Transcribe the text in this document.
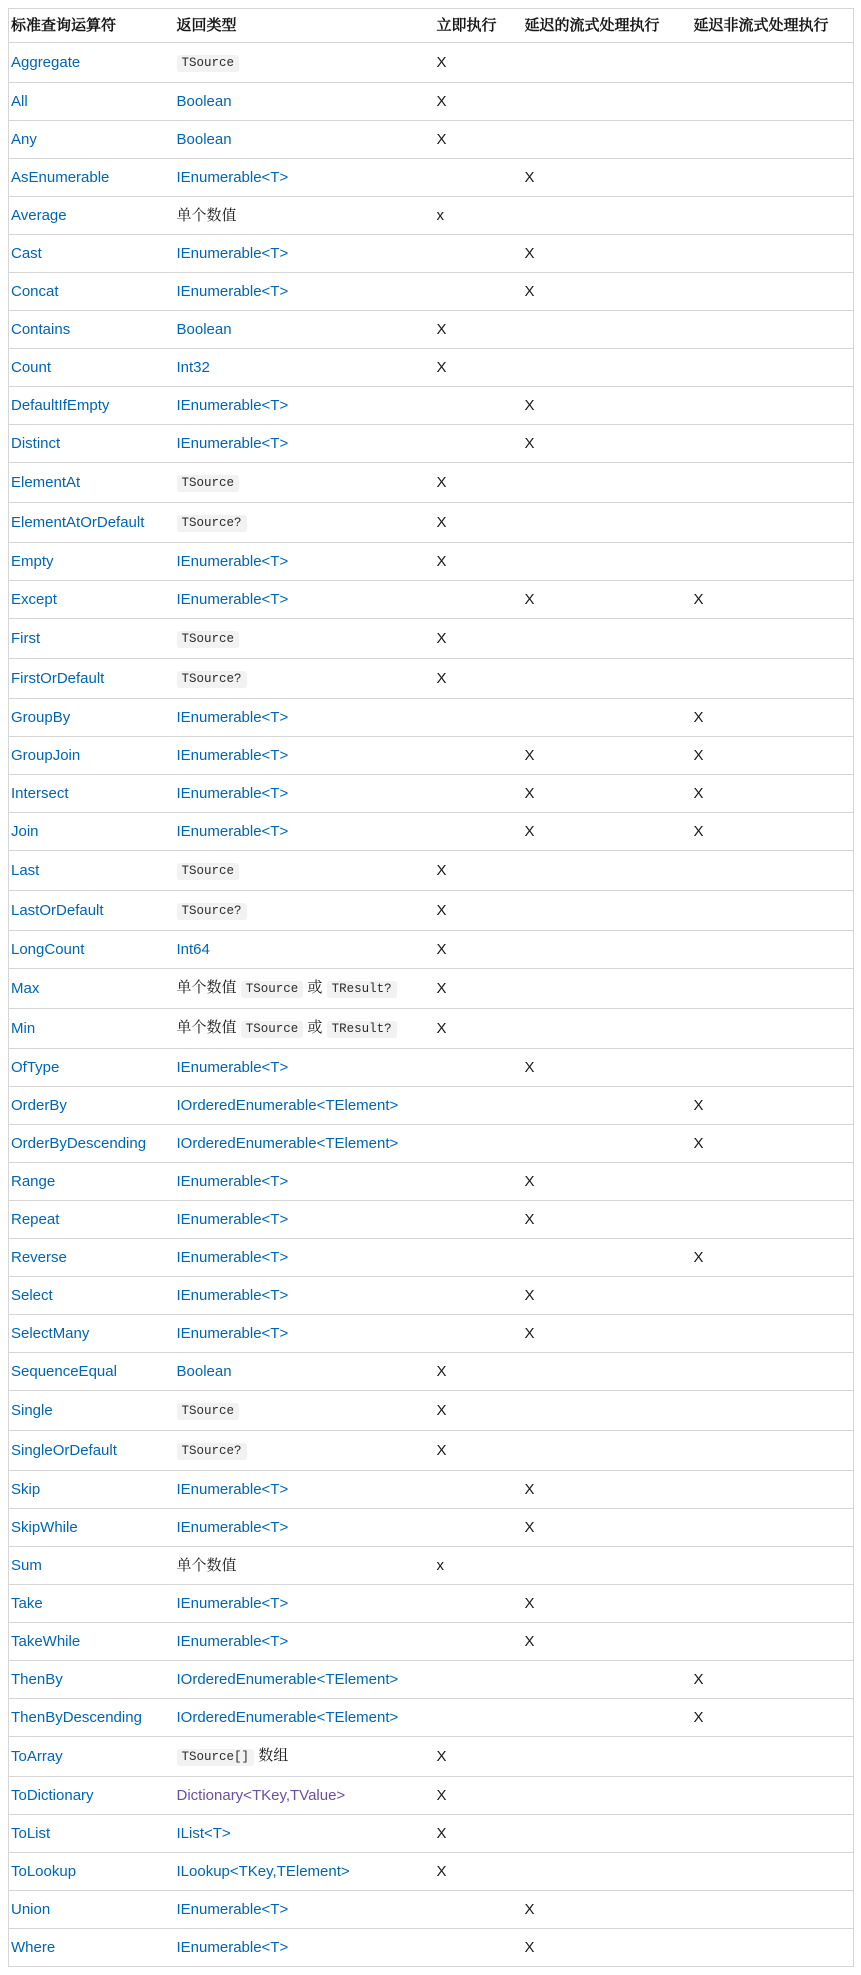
标准查询运算符	返回类型	立即执行	延迟的流式处理执行	延迟非流式处理执行
Aggregate	TSource	X		
All	Boolean	X		
Any	Boolean	X		
AsEnumerable	IEnumerable<T>		X	
Average	单个数值	x		
Cast	IEnumerable<T>		X	
Concat	IEnumerable<T>		X	
Contains	Boolean	X		
Count	Int32	X		
DefaultIfEmpty	IEnumerable<T>		X	
Distinct	IEnumerable<T>		X	
ElementAt	TSource	X		
ElementAtOrDefault	TSource?	X		
Empty	IEnumerable<T>	X		
Except	IEnumerable<T>		X	X
First	TSource	X		
FirstOrDefault	TSource?	X		
GroupBy	IEnumerable<T>			X
GroupJoin	IEnumerable<T>		X	X
Intersect	IEnumerable<T>		X	X
Join	IEnumerable<T>		X	X
Last	TSource	X		
LastOrDefault	TSource?	X		
LongCount	Int64	X		
Max	单个数值 TSource 或 TResult?	X		
Min	单个数值 TSource 或 TResult?	X		
OfType	IEnumerable<T>		X	
OrderBy	IOrderedEnumerable<TElement>			X
OrderByDescending	IOrderedEnumerable<TElement>			X
Range	IEnumerable<T>		X	
Repeat	IEnumerable<T>		X	
Reverse	IEnumerable<T>			X
Select	IEnumerable<T>		X	
SelectMany	IEnumerable<T>		X	
SequenceEqual	Boolean	X		
Single	TSource	X		
SingleOrDefault	TSource?	X		
Skip	IEnumerable<T>		X	
SkipWhile	IEnumerable<T>		X	
Sum	单个数值	x		
Take	IEnumerable<T>		X	
TakeWhile	IEnumerable<T>		X	
ThenBy	IOrderedEnumerable<TElement>			X
ThenByDescending	IOrderedEnumerable<TElement>			X
ToArray	TSource[] 数组	X		
ToDictionary	Dictionary<TKey,TValue>	X		
ToList	IList<T>	X		
ToLookup	ILookup<TKey,TElement>	X		
Union	IEnumerable<T>		X	
Where	IEnumerable<T>		X	
